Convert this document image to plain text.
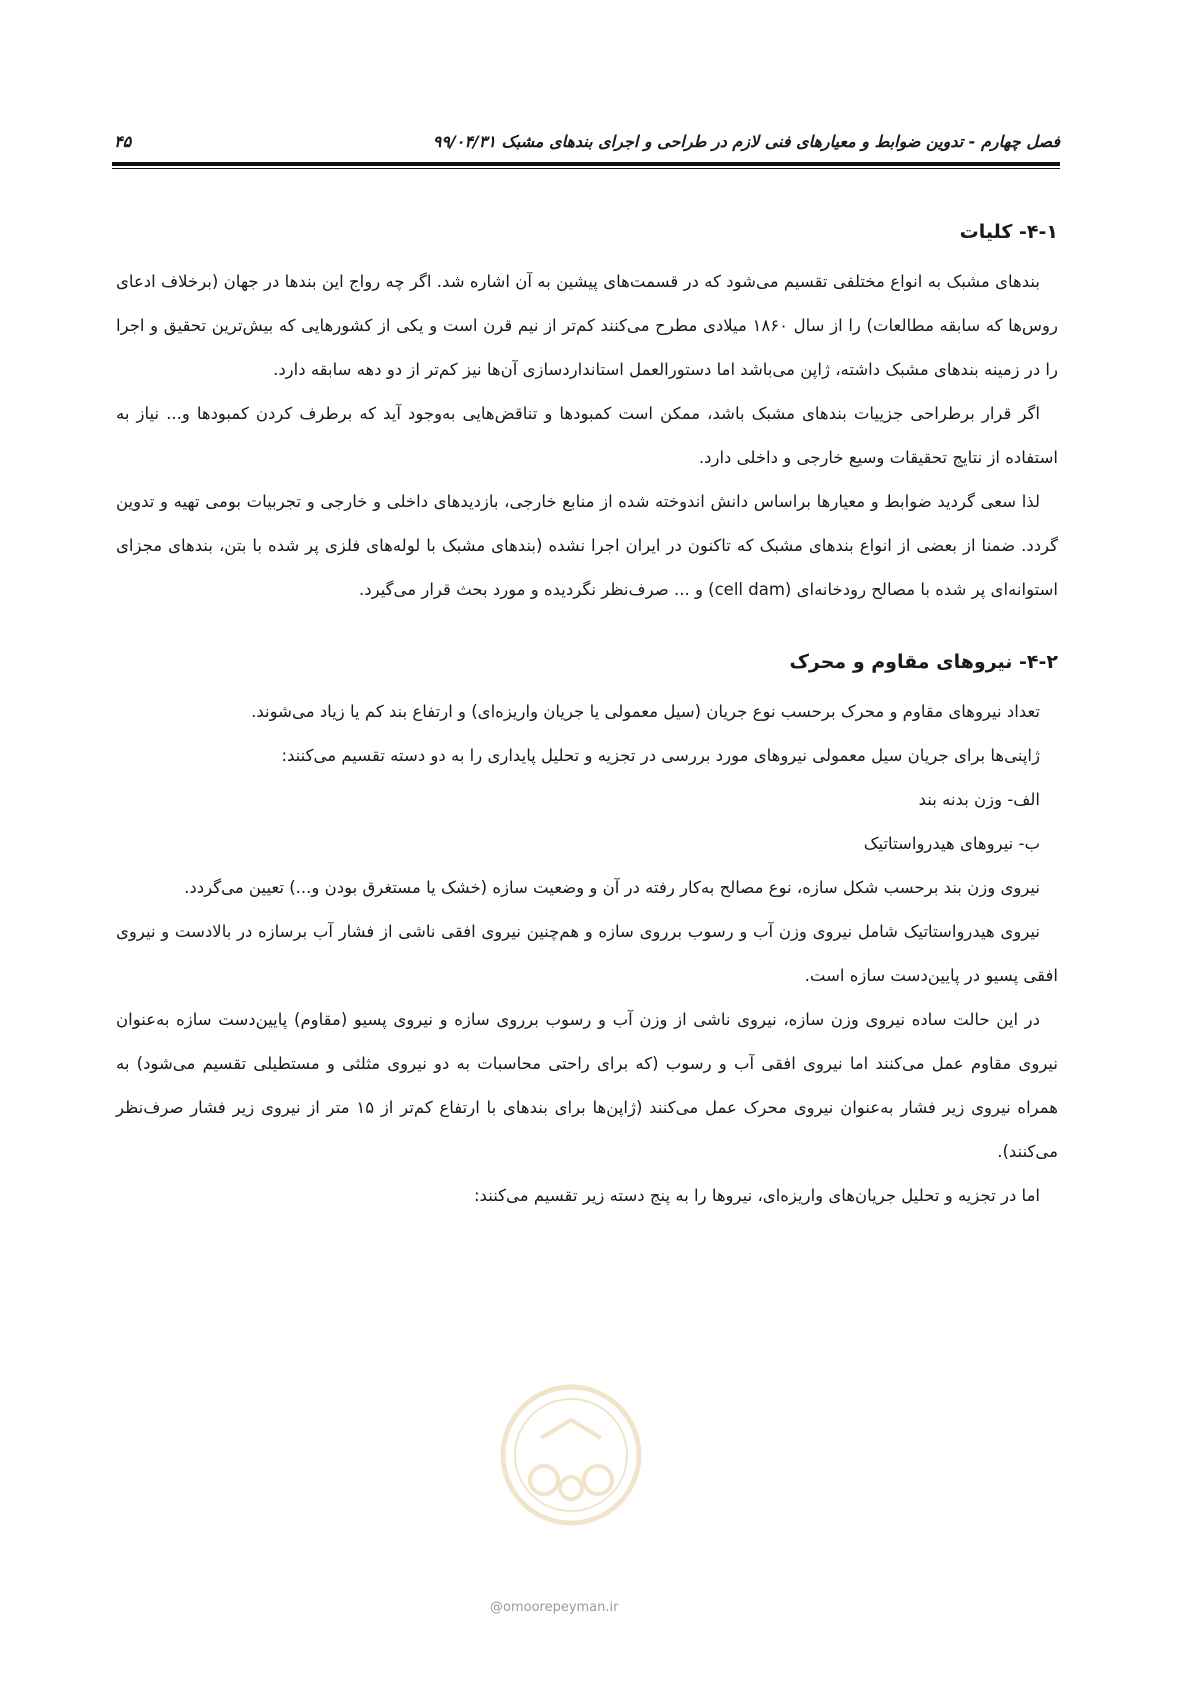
فصل چهارم - تدوین ضوابط و معیارهای فنی لازم در طراحی و اجرای بندهای مشبک ۹۹/۰۴/۳۱
۴۵
۴-۱- کلیات

بندهای مشبک به انواع مختلفی تقسیم می‌شود که در قسمت‌های پیشین به آن اشاره شد. اگر چه رواج این بندها در جهان (برخلاف ادعای روس‌ها که سابقه مطالعات) را از سال ۱۸۶۰ میلادی مطرح می‌کنند کم‌تر از نیم قرن است و یکی از کشورهایی که بیش‌ترین تحقیق و اجرا را در زمینه بندهای مشبک داشته، ژاپن می‌باشد اما دستورالعمل استانداردسازی آن‌ها نیز کم‌تر از دو دهه سابقه دارد.

اگر قرار برطراحی جزییات بندهای مشبک باشد، ممکن است کمبودها و تناقض‌هایی به‌وجود آید که برطرف کردن کمبودها و... نیاز به استفاده از نتایج تحقیقات وسیع خارجی و داخلی دارد.

لذا سعی گردید ضوابط و معیارها براساس دانش اندوخته شده از منابع خارجی، بازدیدهای داخلی و خارجی و تجربیات بومی تهیه و تدوین گردد. ضمنا از بعضی از انواع بندهای مشبک که تاکنون در ایران اجرا نشده (بندهای مشبک با لوله‌های فلزی پر شده با بتن، بندهای مجزای استوانه‌ای پر شده با مصالح رودخانه‌ای (cell dam) و ... صرف‌نظر نگردیده و مورد بحث قرار می‌گیرد.

۴-۲- نیروهای مقاوم و محرک

تعداد نیروهای مقاوم و محرک برحسب نوع جریان (سیل معمولی یا جریان واریزه‌ای) و ارتفاع بند کم یا زیاد می‌شوند.

ژاپنی‌ها برای جریان سیل معمولی نیروهای مورد بررسی در تجزیه و تحلیل پایداری را به دو دسته تقسیم می‌کنند:

الف- وزن بدنه بند

ب- نیروهای هیدرواستاتیک

نیروی وزن بند برحسب شکل سازه، نوع مصالح به‌کار رفته در آن و وضعیت سازه (خشک یا مستغرق بودن و...) تعیین می‌گردد.

نیروی هیدرواستاتیک شامل نیروی وزن آب و رسوب برروی سازه و هم‌چنین نیروی افقی ناشی از فشار آب برسازه در بالادست و نیروی افقی پسیو در پایین‌دست سازه است.

در این حالت ساده نیروی وزن سازه، نیروی ناشی از وزن آب و رسوب برروی سازه و نیروی پسیو (مقاوم) پایین‌دست سازه به‌عنوان نیروی مقاوم عمل می‌کنند اما نیروی افقی آب و رسوب (که برای راحتی محاسبات به دو نیروی مثلثی و مستطیلی تقسیم می‌شود) به همراه نیروی زیر فشار به‌عنوان نیروی محرک عمل می‌کنند (ژاپن‌ها برای بندهای با ارتفاع کم‌تر از ۱۵ متر از نیروی زیر فشار صرف‌نظر می‌کنند).

اما در تجزیه و تحلیل جریان‌های واریزه‌ای، نیروها را به پنج دسته زیر تقسیم می‌کنند:

@omoorepeyman.ir
